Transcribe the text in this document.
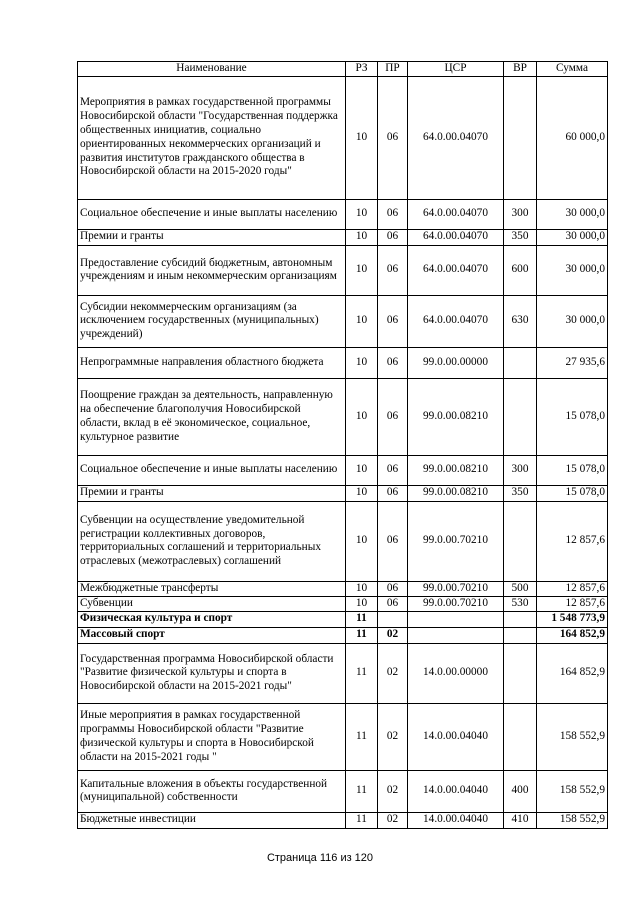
Наименование	РЗ	ПР	ЦСР	ВР	Сумма
Мероприятия в рамках государственной программы Новосибирской области "Государственная поддержка общественных инициатив, социально ориентированных некоммерческих организаций и развития институтов гражданского общества в Новосибирской области на 2015-2020 годы"	10	06	64.0.00.04070		60 000,0
Социальное обеспечение и иные выплаты населению	10	06	64.0.00.04070	300	30 000,0
Премии и гранты	10	06	64.0.00.04070	350	30 000,0
Предоставление субсидий бюджетным, автономным учреждениям и иным некоммерческим организациям	10	06	64.0.00.04070	600	30 000,0
Субсидии некоммерческим организациям (за исключением государственных (муниципальных) учреждений)	10	06	64.0.00.04070	630	30 000,0
Непрограммные направления областного бюджета	10	06	99.0.00.00000		27 935,6
Поощрение граждан за деятельность, направленную на обеспечение благополучия Новосибирской области, вклад в её экономическое, социальное, культурное развитие	10	06	99.0.00.08210		15 078,0
Социальное обеспечение и иные выплаты населению	10	06	99.0.00.08210	300	15 078,0
Премии и гранты	10	06	99.0.00.08210	350	15 078,0
Субвенции на осуществление уведомительной регистрации коллективных договоров, территориальных соглашений и территориальных отраслевых (межотраслевых) соглашений	10	06	99.0.00.70210		12 857,6
Межбюджетные трансферты	10	06	99.0.00.70210	500	12 857,6
Субвенции	10	06	99.0.00.70210	530	12 857,6
Физическая культура и спорт	11				1 548 773,9
Массовый спорт	11	02			164 852,9
Государственная программа Новосибирской области "Развитие физической культуры и спорта в Новосибирской области на 2015-2021 годы"	11	02	14.0.00.00000		164 852,9
Иные мероприятия в рамках государственной программы Новосибирской области "Развитие физической культуры и спорта в Новосибирской области на 2015-2021 годы "	11	02	14.0.00.04040		158 552,9
Капитальные вложения в объекты государственной (муниципальной) собственности	11	02	14.0.00.04040	400	158 552,9
Бюджетные инвестиции	11	02	14.0.00.04040	410	158 552,9
Страница 116 из 120
